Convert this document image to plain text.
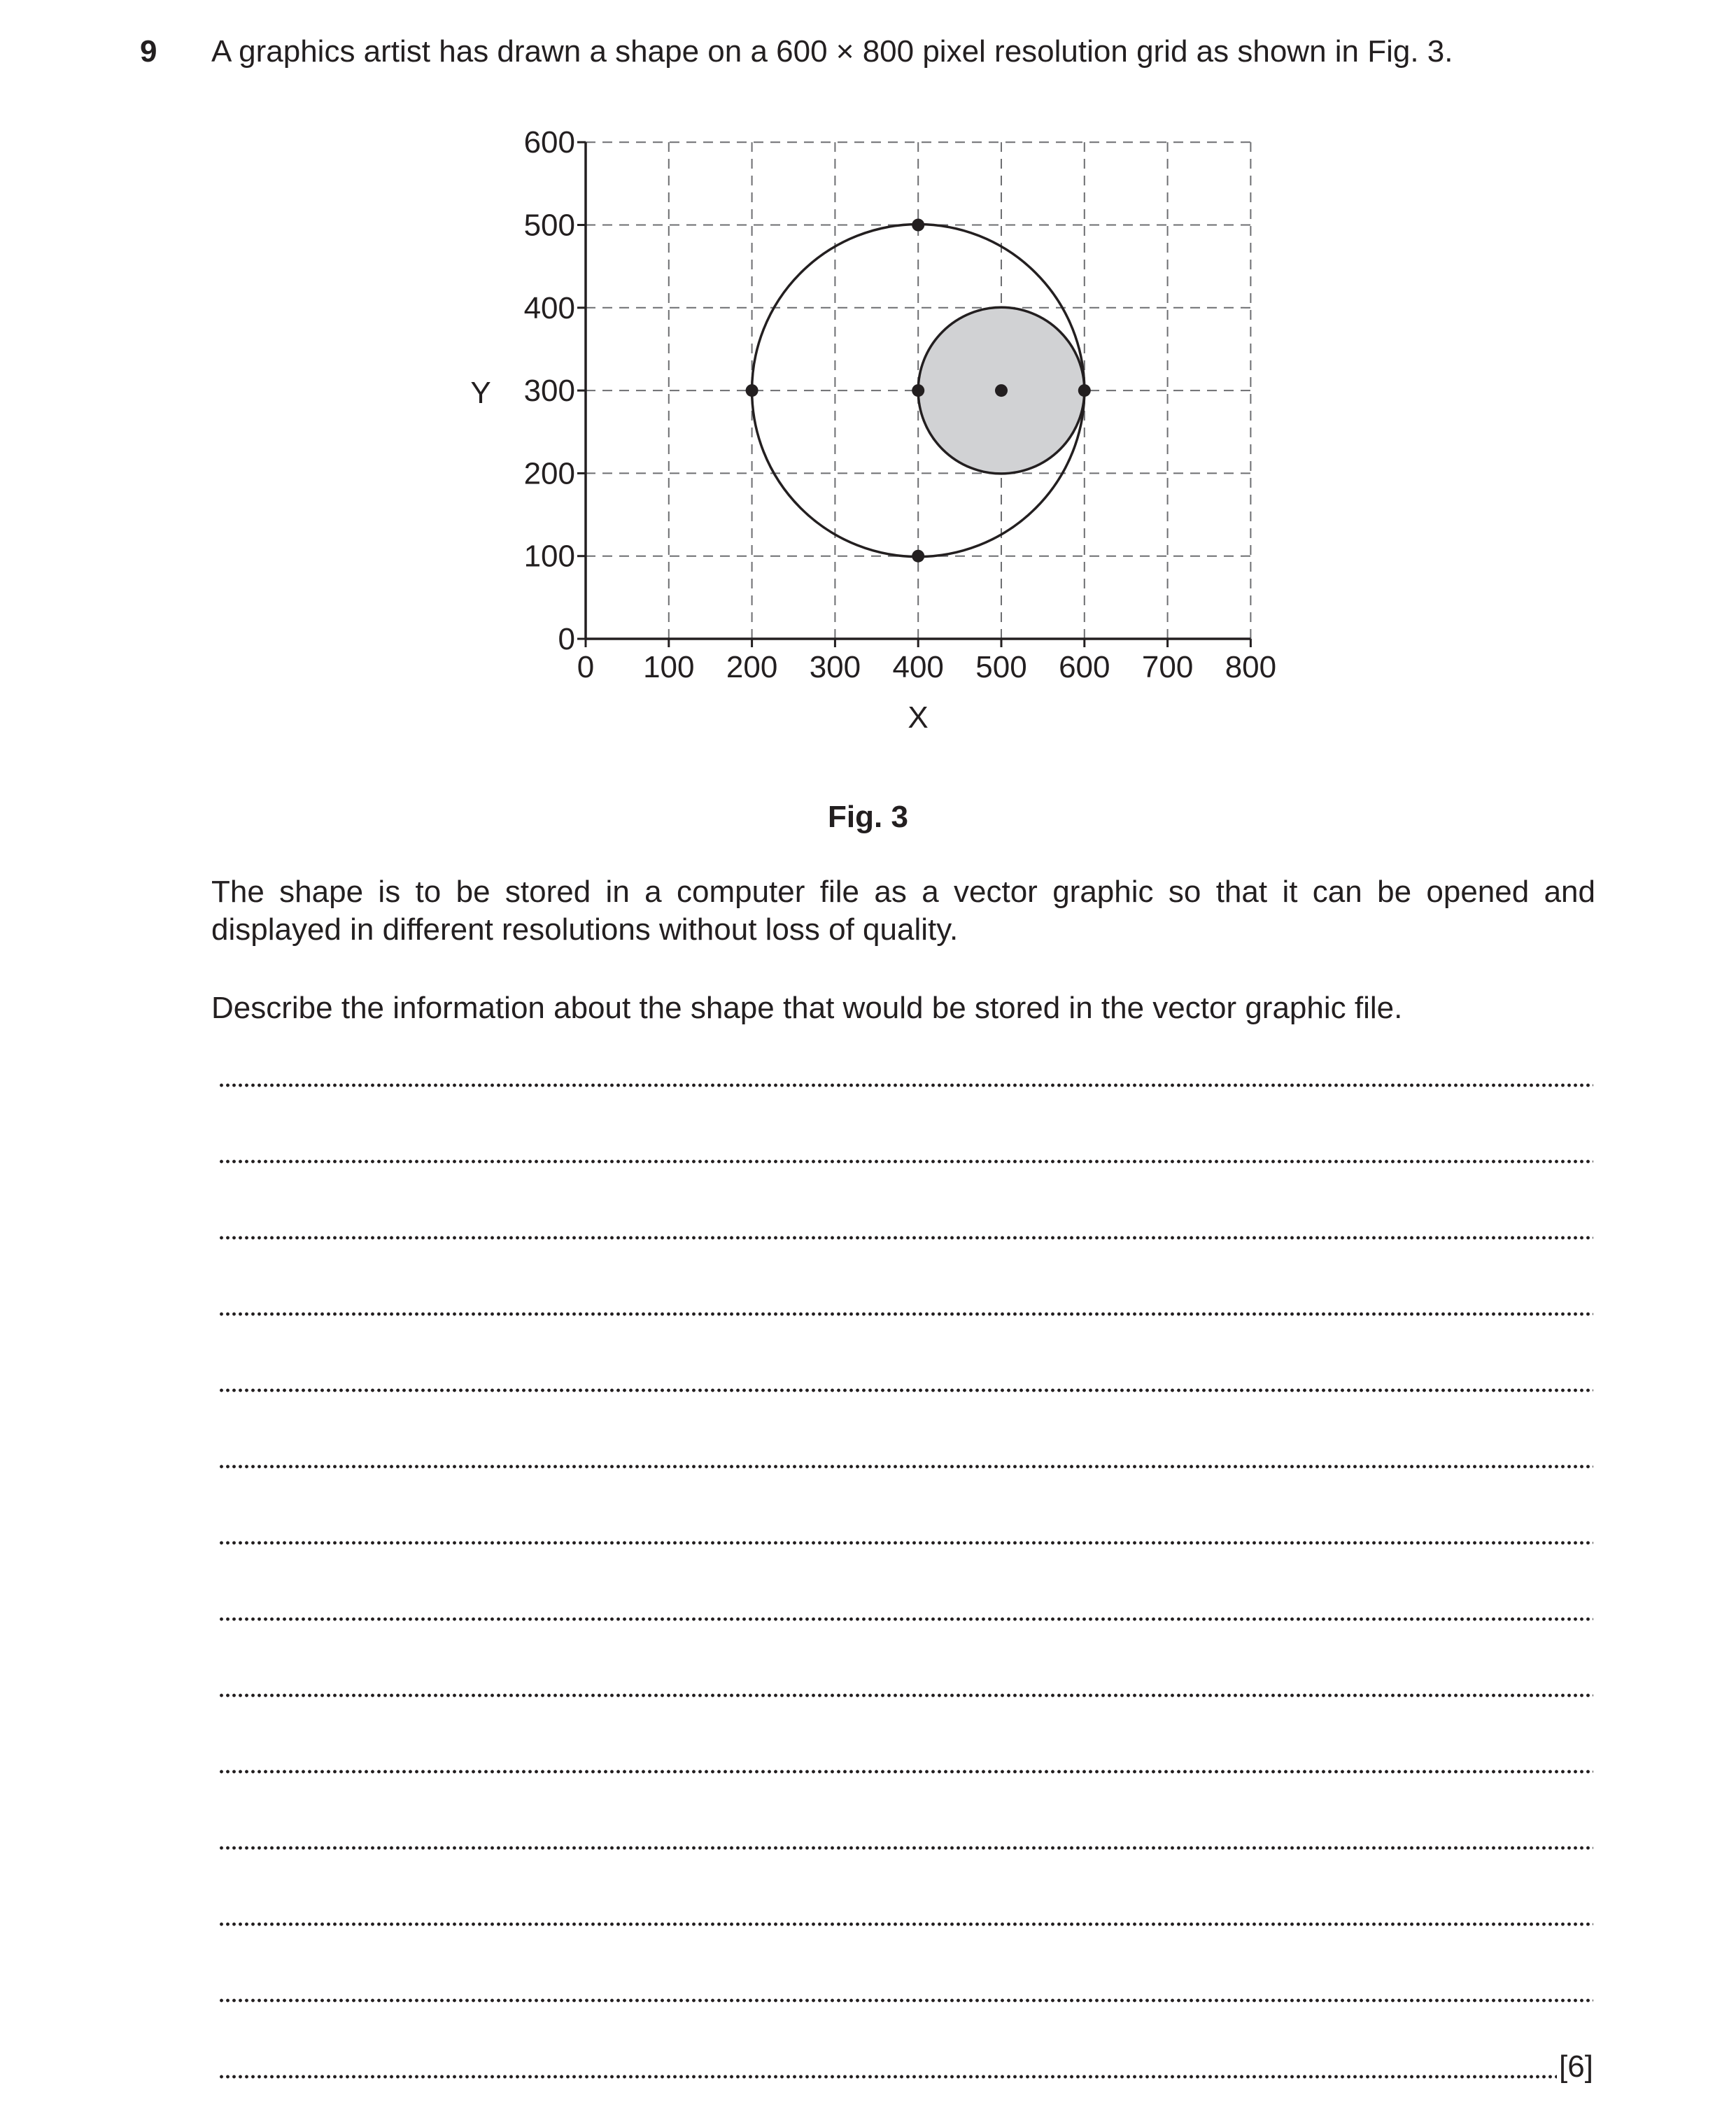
9 A graphics artist has drawn a shape on a 600 × 800 pixel resolution grid as shown in Fig. 3.
0 100 200 300 400 500 600 700 800
0
100
200
300
400
500
600
Y
X
Fig. 3
The shape is to be stored in a computer file as a vector graphic so that it can be opened and displayed in different resolutions without loss of quality.
Describe the information about the shape that would be stored in the vector graphic file.
[6]
